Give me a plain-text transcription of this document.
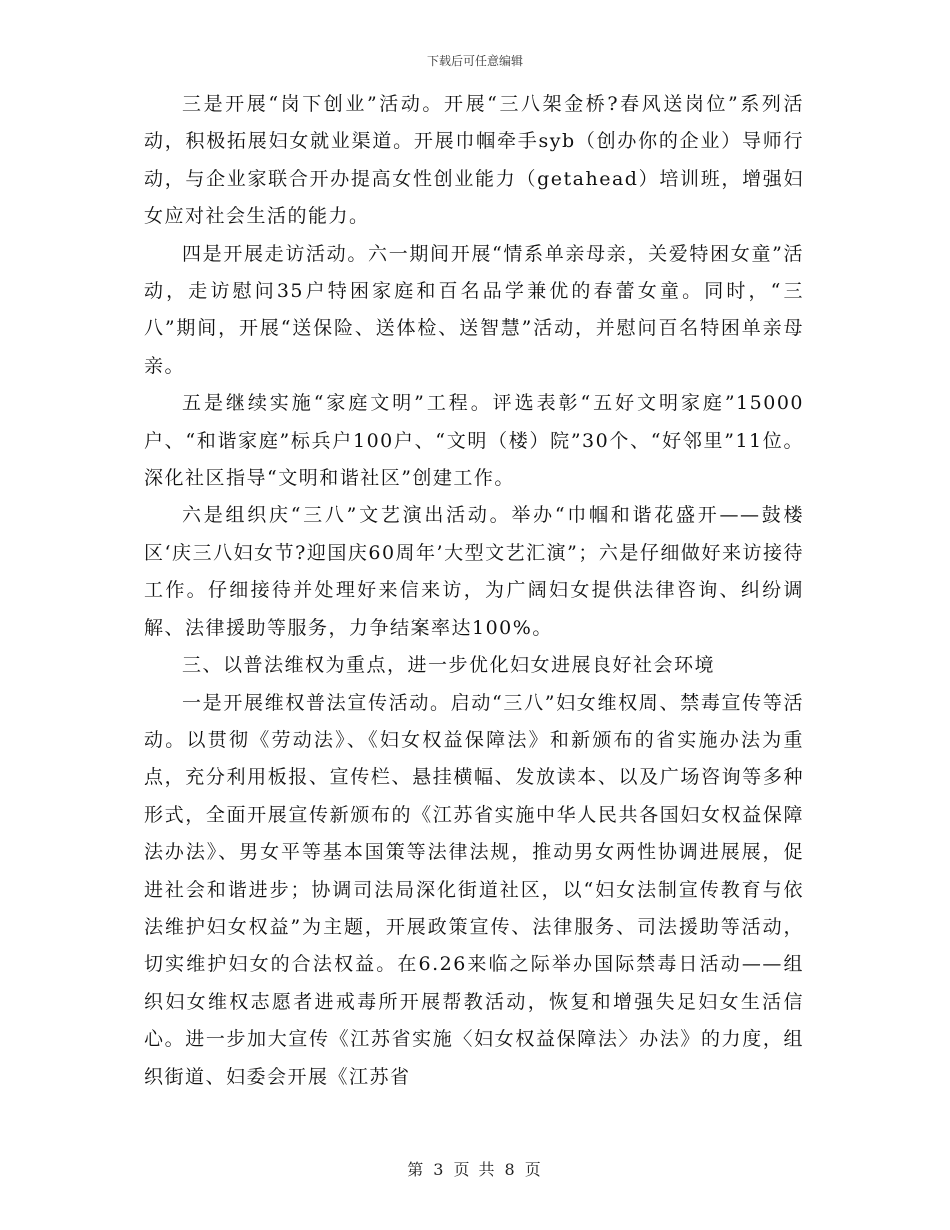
下载后可任意编辑

三是开展“岗下创业”活动。开展“三八架金桥?春风送岗位”系列活动，积极拓展妇女就业渠道。开展巾帼牵手syb（创办你的企业）导师行动，与企业家联合开办提高女性创业能力（getahead）培训班，增强妇女应对社会生活的能力。

四是开展走访活动。六一期间开展“情系单亲母亲，关爱特困女童”活动，走访慰问35户特困家庭和百名品学兼优的春蕾女童。同时，“三八”期间，开展“送保险、送体检、送智慧”活动，并慰问百名特困单亲母亲。

五是继续实施“家庭文明”工程。评选表彰“五好文明家庭”15000户、“和谐家庭”标兵户100户、“文明（楼）院”30个、“好邻里”11位。深化社区指导“文明和谐社区”创建工作。

六是组织庆“三八”文艺演出活动。举办“巾帼和谐花盛开——鼓楼区‘庆三八妇女节?迎国庆60周年’大型文艺汇演”；六是仔细做好来访接待工作。仔细接待并处理好来信来访，为广阔妇女提供法律咨询、纠纷调解、法律援助等服务，力争结案率达100%。

三、以普法维权为重点，进一步优化妇女进展良好社会环境

一是开展维权普法宣传活动。启动“三八”妇女维权周、禁毒宣传等活动。以贯彻《劳动法》、《妇女权益保障法》和新颁布的省实施办法为重点，充分利用板报、宣传栏、悬挂横幅、发放读本、以及广场咨询等多种形式，全面开展宣传新颁布的《江苏省实施中华人民共各国妇女权益保障法办法》、男女平等基本国策等法律法规，推动男女两性协调进展展，促进社会和谐进步；协调司法局深化街道社区，以“妇女法制宣传教育与依法维护妇女权益”为主题，开展政策宣传、法律服务、司法援助等活动，切实维护妇女的合法权益。在6.26来临之际举办国际禁毒日活动——组织妇女维权志愿者进戒毒所开展帮教活动，恢复和增强失足妇女生活信心。进一步加大宣传《江苏省实施〈妇女权益保障法〉办法》的力度，组织街道、妇委会开展《江苏省

第 3 页 共 8 页
